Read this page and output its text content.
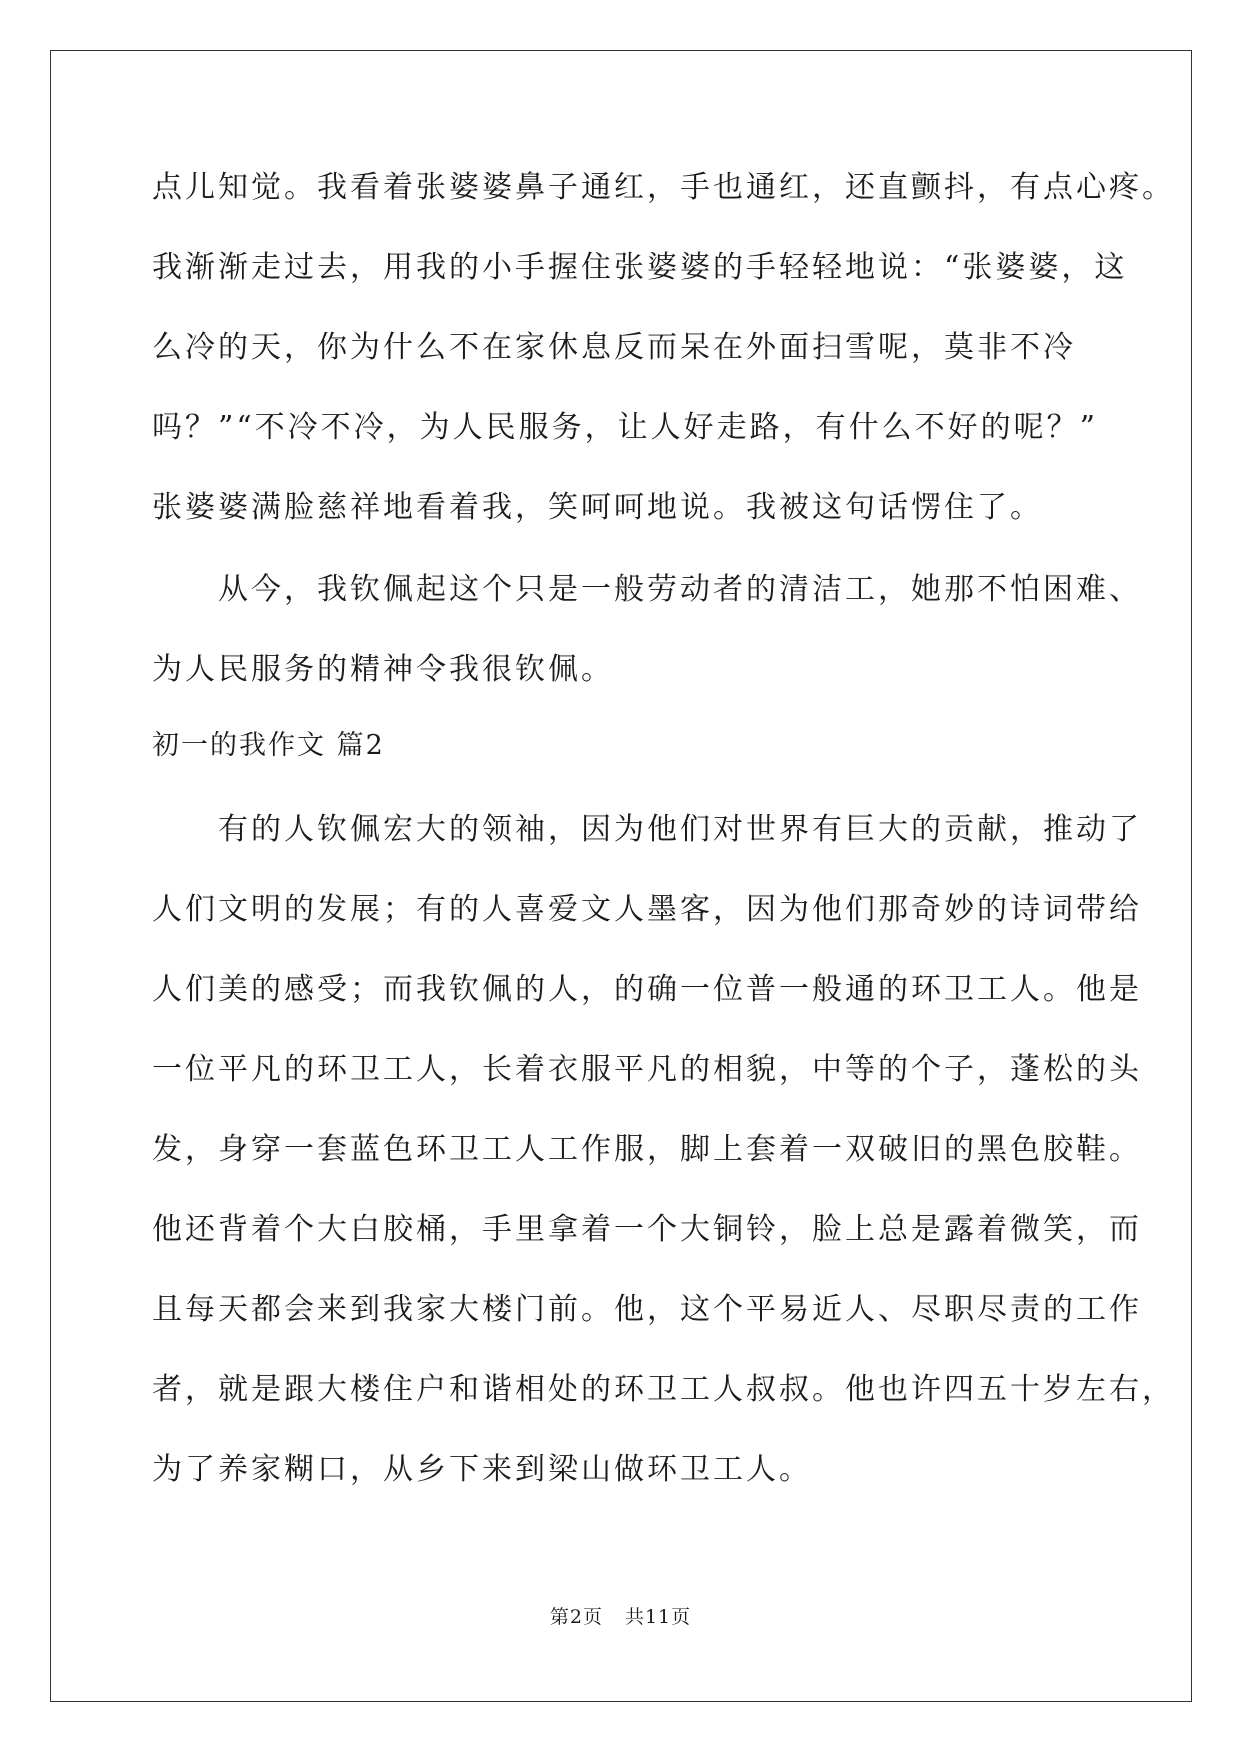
点儿知觉。我看着张婆婆鼻子通红，手也通红，还直颤抖，有点心疼。
我渐渐走过去，用我的小手握住张婆婆的手轻轻地说：“张婆婆，这
么冷的天，你为什么不在家休息反而呆在外面扫雪呢，莫非不冷
吗？”“不冷不冷，为人民服务，让人好走路，有什么不好的呢？”
张婆婆满脸慈祥地看着我，笑呵呵地说。我被这句话愣住了。
　　从今，我钦佩起这个只是一般劳动者的清洁工，她那不怕困难、
为人民服务的精神令我很钦佩。
初一的我作文 篇2
　　有的人钦佩宏大的领袖，因为他们对世界有巨大的贡献，推动了
人们文明的发展；有的人喜爱文人墨客，因为他们那奇妙的诗词带给
人们美的感受；而我钦佩的人，的确一位普一般通的环卫工人。他是
一位平凡的环卫工人，长着衣服平凡的相貌，中等的个子，蓬松的头
发，身穿一套蓝色环卫工人工作服，脚上套着一双破旧的黑色胶鞋。
他还背着个大白胶桶，手里拿着一个大铜铃，脸上总是露着微笑，而
且每天都会来到我家大楼门前。他，这个平易近人、尽职尽责的工作
者，就是跟大楼住户和谐相处的环卫工人叔叔。他也许四五十岁左右，
为了养家糊口，从乡下来到梁山做环卫工人。
第2页 共11页
